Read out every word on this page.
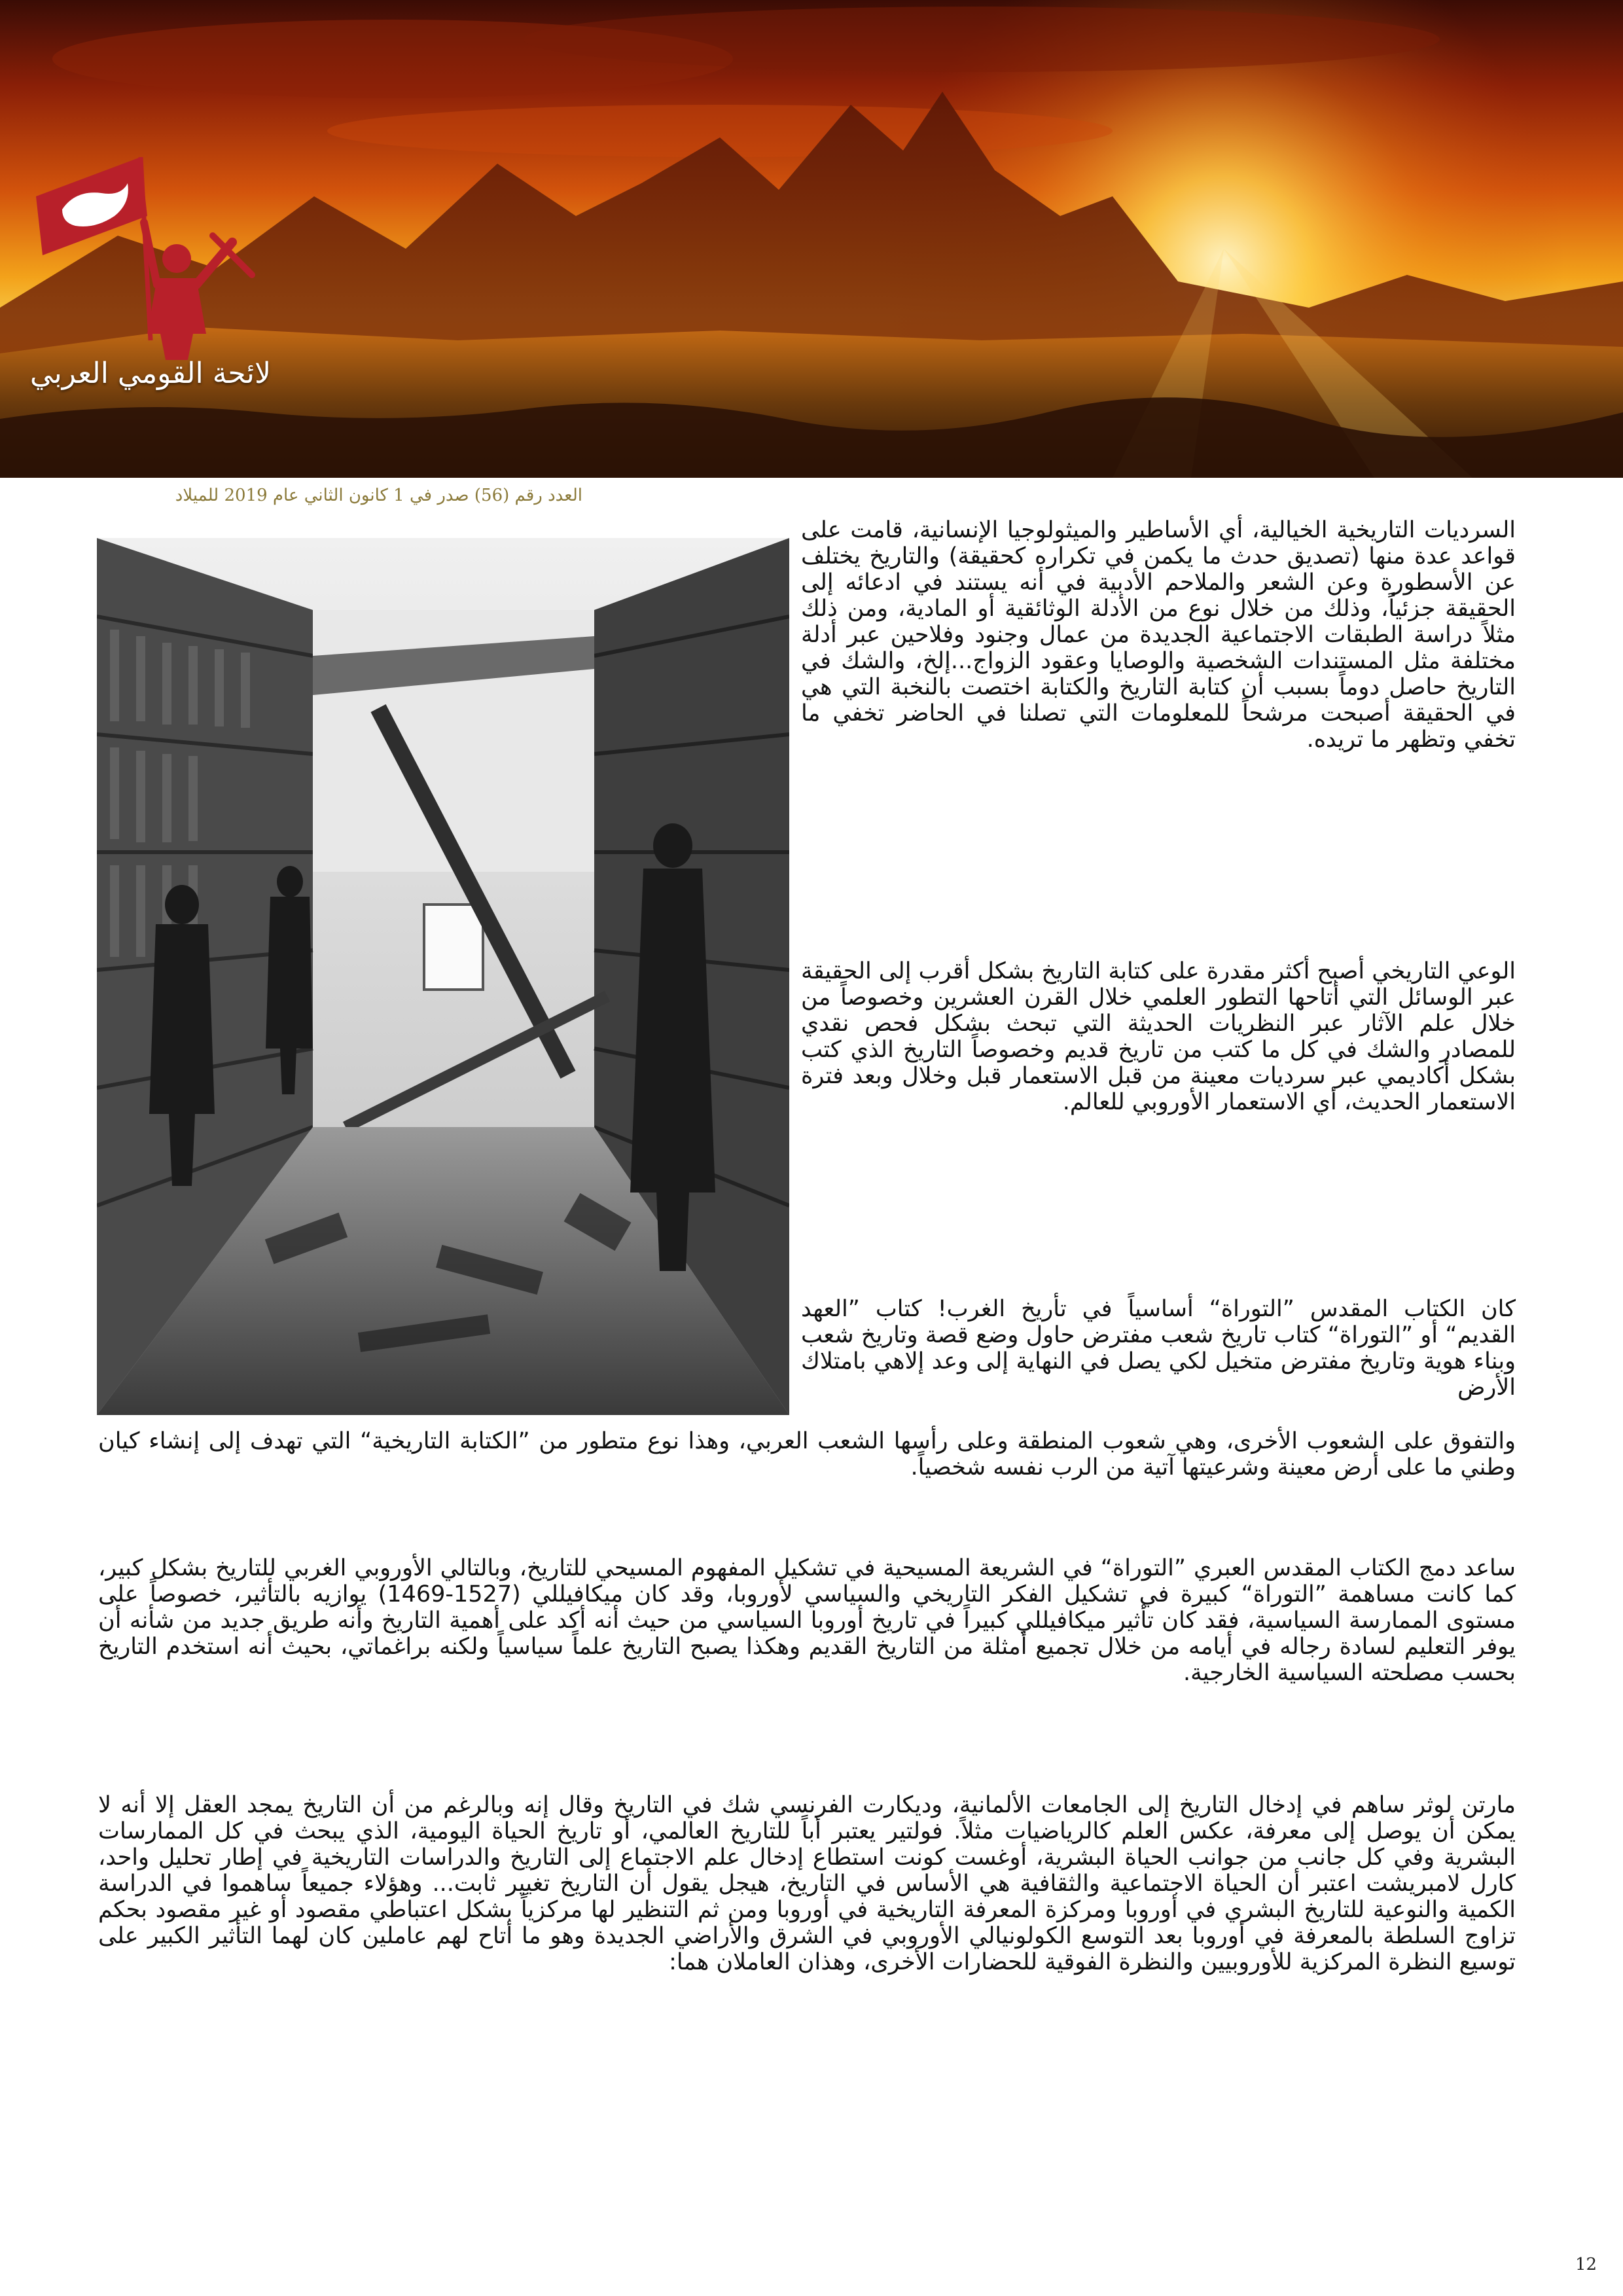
لائحة القومي العربي
العدد رقم (56) صدر في 1 كانون الثاني عام 2019 للميلاد
السرديات التاريخية الخيالية، أي الأساطير والميثولوجيا الإنسانية، قامت على قواعد عدة منها (تصديق حدث ما يكمن في تكراره كحقيقة) والتاريخ يختلف عن الأسطورة وعن الشعر والملاحم الأدبية في أنه يستند في ادعائه إلى الحقيقة جزئياً، وذلك من خلال نوع من الأدلة الوثائقية أو المادية، ومن ذلك مثلاً دراسة الطبقات الاجتماعية الجديدة من عمال وجنود وفلاحين عبر أدلة مختلفة مثل المستندات الشخصية والوصايا وعقود الزواج...إلخ، والشك في التاريخ حاصل دوماً بسبب أن كتابة التاريخ والكتابة اختصت بالنخبة التي هي في الحقيقة أصبحت مرشحاً للمعلومات التي تصلنا في الحاضر تخفي ما تخفي وتظهر ما تريده.
الوعي التاريخي أصبح أكثر مقدرة على كتابة التاريخ بشكل أقرب إلى الحقيقة عبر الوسائل التي أتاحها التطور العلمي خلال القرن العشرين وخصوصاً من خلال علم الآثار عبر النظريات الحديثة التي تبحث بشكل فحص نقدي للمصادر والشك في كل ما كتب من تاريخ قديم وخصوصاً التاريخ الذي كتب بشكل أكاديمي عبر سرديات معينة من قبل الاستعمار قبل وخلال وبعد فترة الاستعمار الحديث، أي الاستعمار الأوروبي للعالم.
كان الكتاب المقدس ”التوراة“ أساسياً في تأريخ الغرب! كتاب ”العهد القديم“ أو ”التوراة“ كتاب تاريخ شعب مفترض حاول وضع قصة وتاريخ شعب وبناء هوية وتاريخ مفترض متخيل لكي يصل في النهاية إلى وعد إلاهي بامتلاك الأرض
والتفوق على الشعوب الأخرى، وهي شعوب المنطقة وعلى رأسها الشعب العربي، وهذا نوع متطور من ”الكتابة التاريخية“ التي تهدف إلى إنشاء كيان وطني ما على أرض معينة وشرعيتها آتية من الرب نفسه شخصياً.
ساعد دمج الكتاب المقدس العبري ”التوراة“ في الشريعة المسيحية في تشكيل المفهوم المسيحي للتاريخ، وبالتالي الأوروبي الغربي للتاريخ بشكل كبير، كما كانت مساهمة ”التوراة“ كبيرة في تشكيل الفكر التاريخي والسياسي لأوروبا، وقد كان ميكافيللي (1527-1469) يوازيه بالتأثير، خصوصاً على مستوى الممارسة السياسية، فقد كان تأثير ميكافيللي كبيراً في تاريخ أوروبا السياسي من حيث أنه أكد على أهمية التاريخ وأنه طريق جديد من شأنه أن يوفر التعليم لسادة رجاله في أيامه من خلال تجميع أمثلة من التاريخ القديم وهكذا يصبح التاريخ علماً سياسياً ولكنه براغماتي، بحيث أنه استخدم التاريخ بحسب مصلحته السياسية الخارجية.
مارتن لوثر ساهم في إدخال التاريخ إلى الجامعات الألمانية، وديكارت الفرنسي شك في التاريخ وقال إنه وبالرغم من أن التاريخ يمجد العقل إلا أنه لا يمكن أن يوصل إلى معرفة، عكس العلم كالرياضيات مثلاً. فولتير يعتبر أباً للتاريخ العالمي، أو تاريخ الحياة اليومية، الذي يبحث في كل الممارسات البشرية وفي كل جانب من جوانب الحياة البشرية، أوغست كونت استطاع إدخال علم الاجتماع إلى التاريخ والدراسات التاريخية في إطار تحليل واحد، كارل لامبريشت اعتبر أن الحياة الاجتماعية والثقافية هي الأساس في التاريخ، هيجل يقول أن التاريخ تغيير ثابت... وهؤلاء جميعاً ساهموا في الدراسة الكمية والنوعية للتاريخ البشري في أوروبا ومركزة المعرفة التاريخية في أوروبا ومن ثم التنظير لها مركزياً بشكل اعتباطي مقصود أو غير مقصود بحكم تزاوج السلطة بالمعرفة في أوروبا بعد التوسع الكولونيالي الأوروبي في الشرق والأراضي الجديدة وهو ما أتاح لهم عاملين كان لهما التأثير الكبير على توسيع النظرة المركزية للأوروبيين والنظرة الفوقية للحضارات الأخرى، وهذان العاملان هما:
12
